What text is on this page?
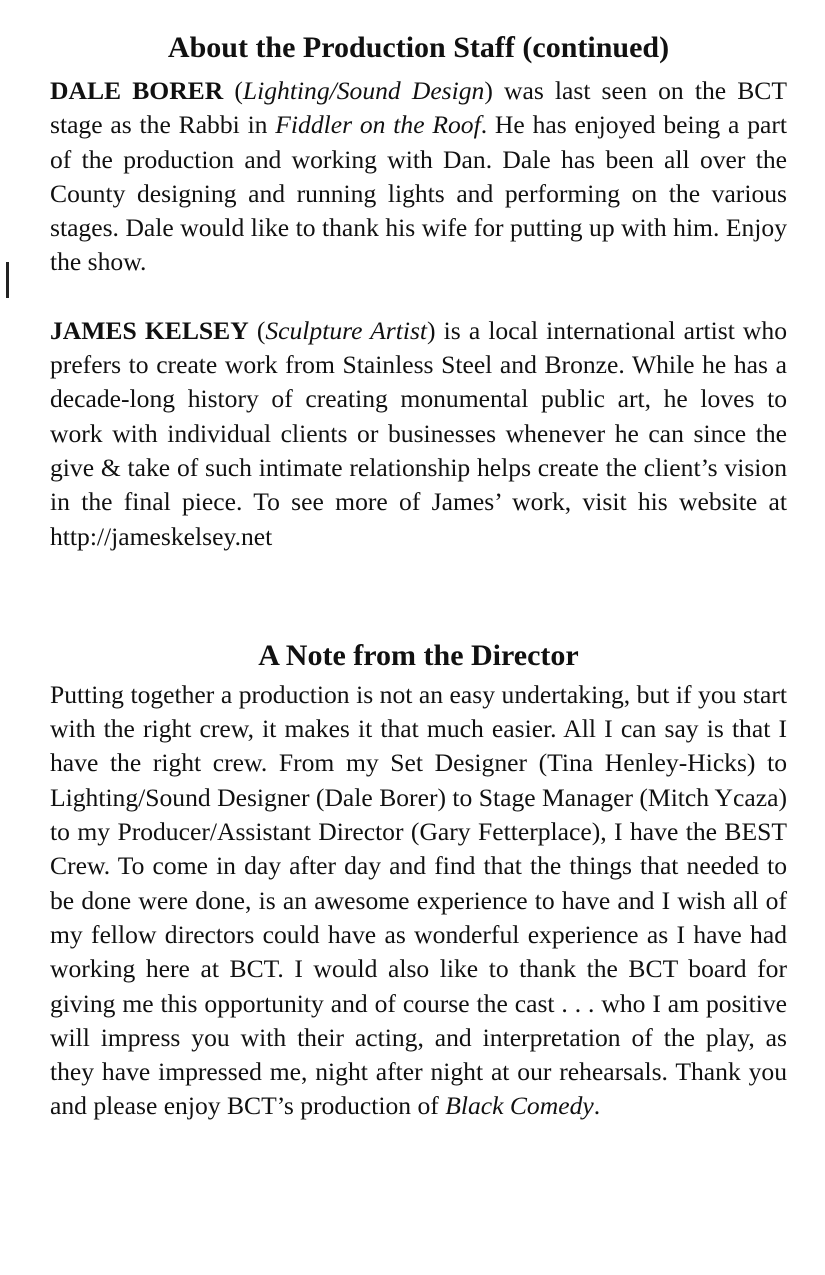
About the Production Staff (continued)

DALE BORER (Lighting/Sound Design) was last seen on the BCT stage as the Rabbi in Fiddler on the Roof. He has enjoyed being a part of the production and working with Dan. Dale has been all over the County designing and running lights and performing on the various stages. Dale would like to thank his wife for putting up with him. Enjoy the show.

JAMES KELSEY (Sculpture Artist) is a local international artist who prefers to create work from Stainless Steel and Bronze. While he has a decade-long history of creating monumental public art, he loves to work with individual clients or businesses whenever he can since the give & take of such intimate relationship helps create the client’s vision in the final piece. To see more of James’ work, visit his website at http://jameskelsey.net

A Note from the Director

Putting together a production is not an easy undertaking, but if you start with the right crew, it makes it that much easier. All I can say is that I have the right crew. From my Set Designer (Tina Henley-Hicks) to Lighting/Sound Designer (Dale Borer) to Stage Manager (Mitch Ycaza) to my Producer/Assistant Director (Gary Fetterplace), I have the BEST Crew. To come in day after day and find that the things that needed to be done were done, is an awesome experience to have and I wish all of my fellow directors could have as wonderful experience as I have had working here at BCT. I would also like to thank the BCT board for giving me this opportunity and of course the cast . . . who I am positive will impress you with their acting, and interpretation of the play, as they have impressed me, night after night at our rehearsals. Thank you and please enjoy BCT’s production of Black Comedy.
